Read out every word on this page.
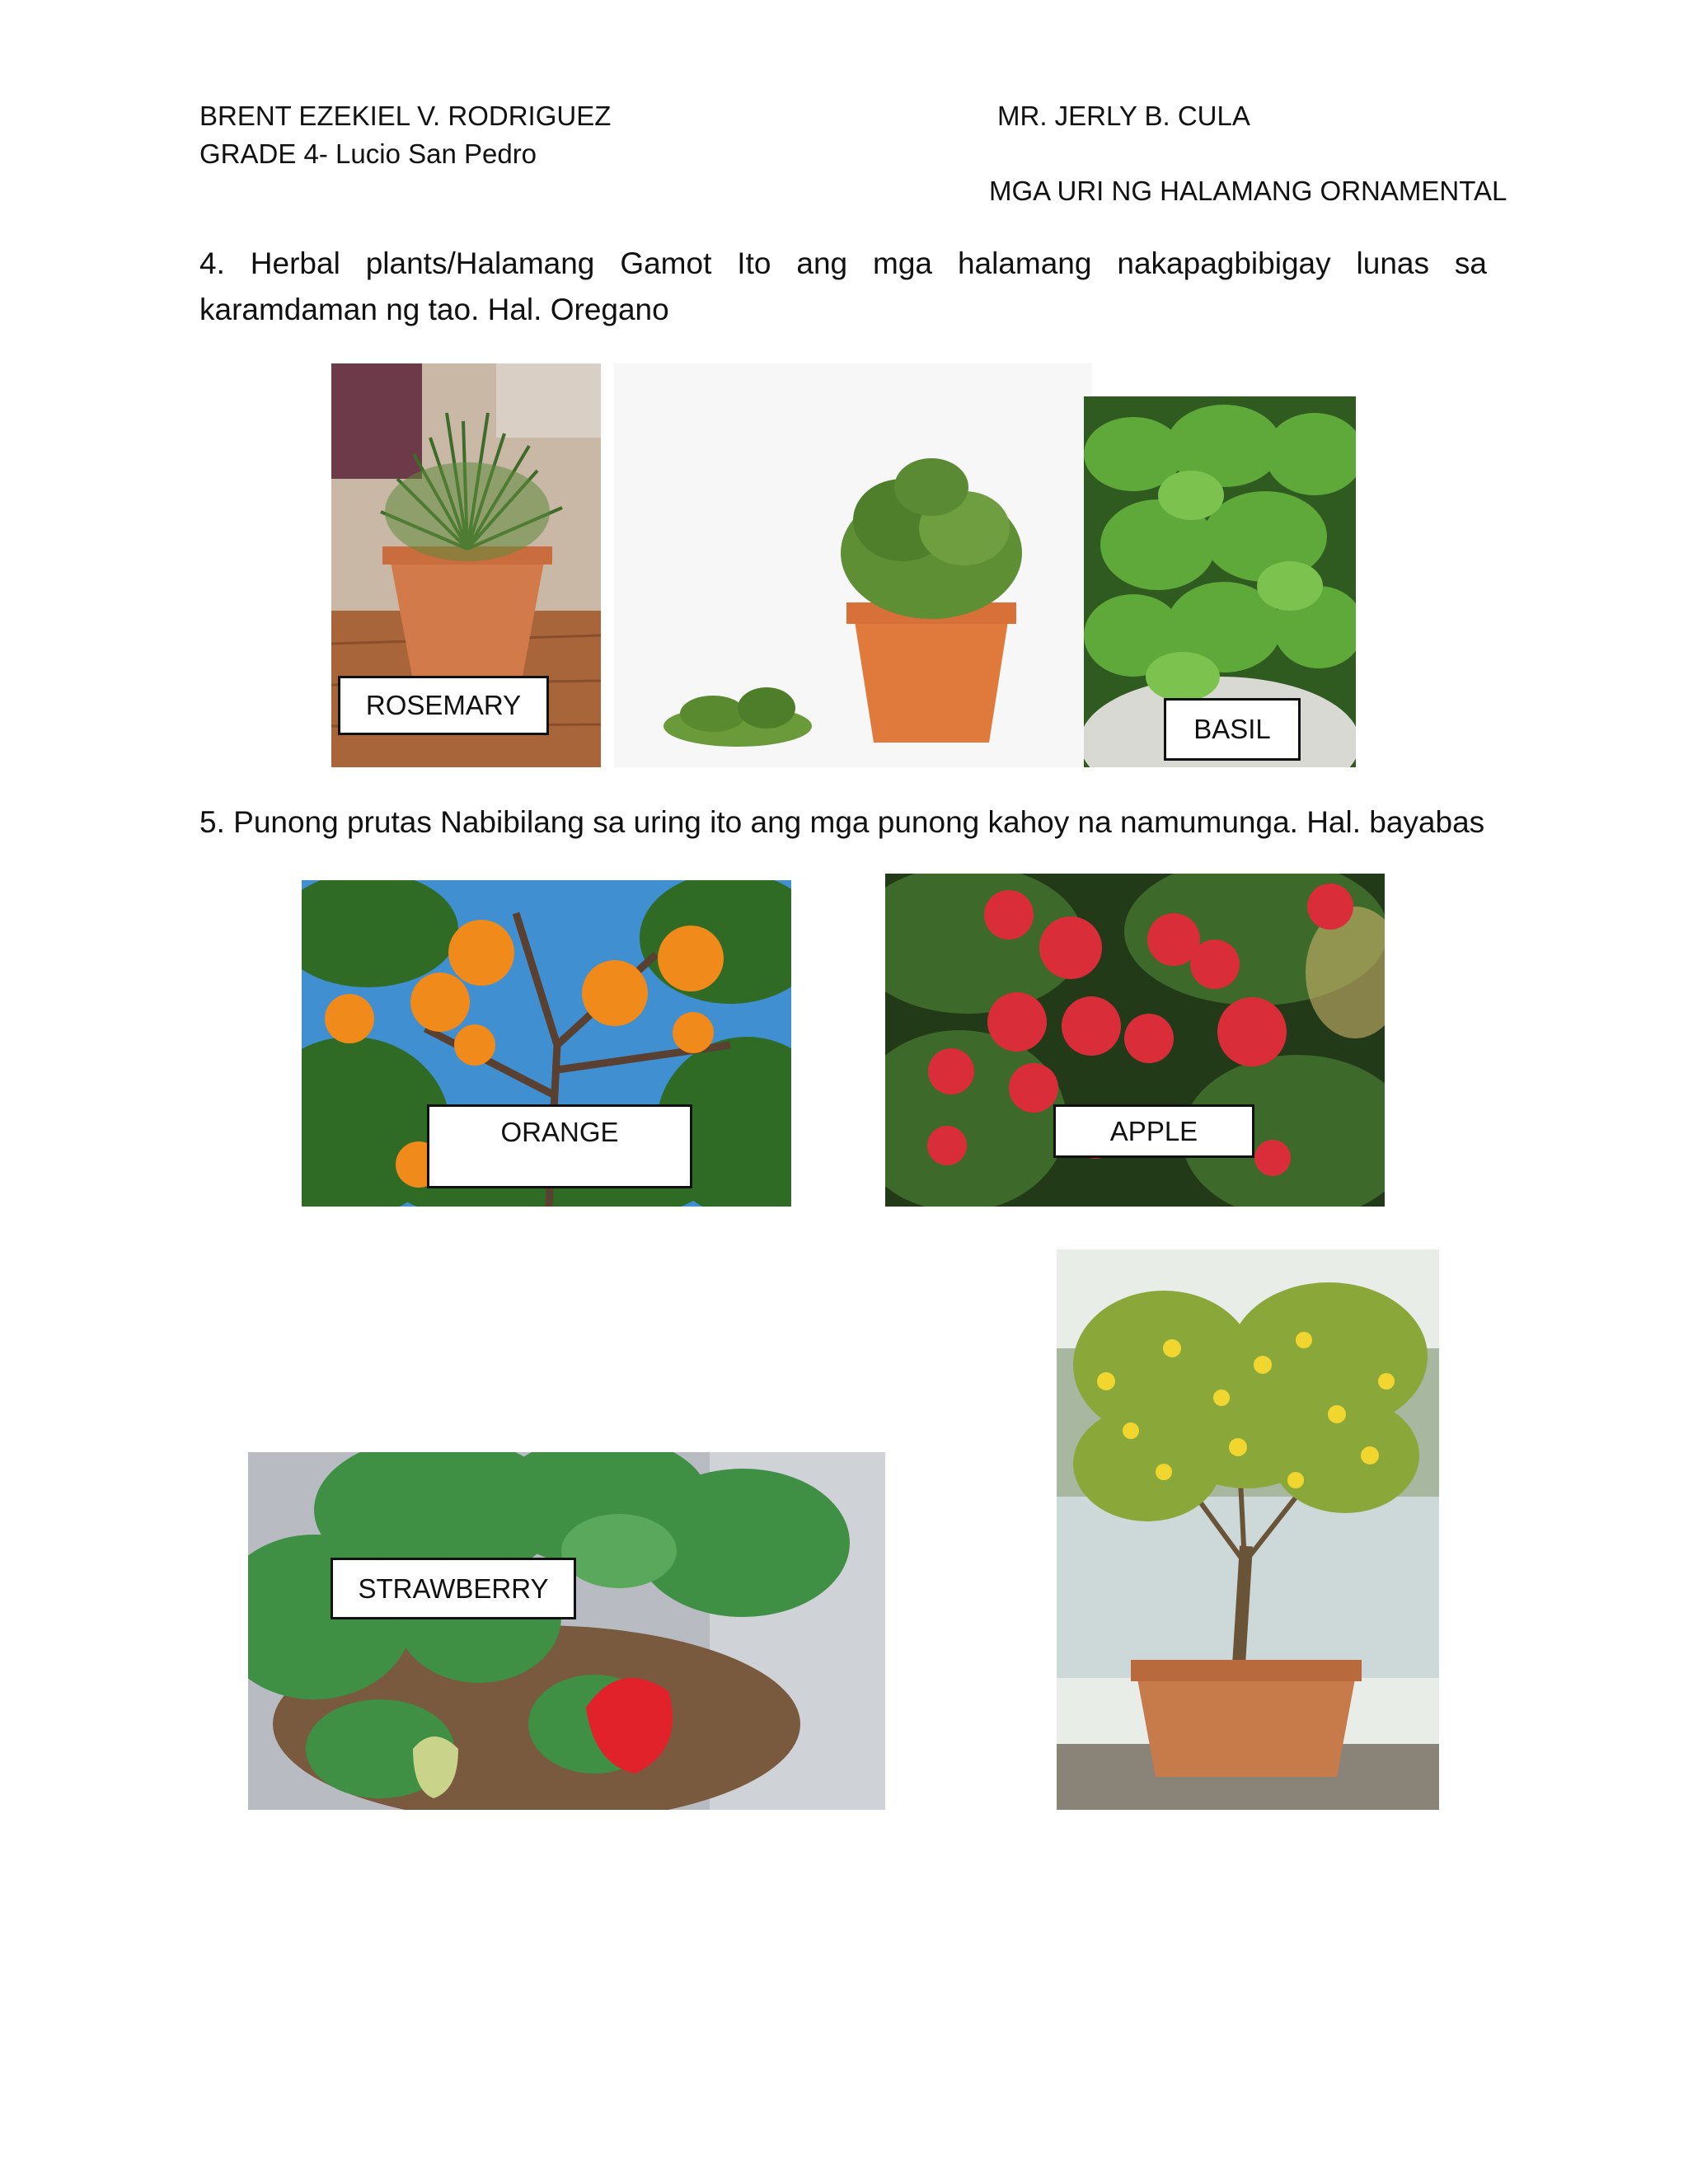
BRENT EZEKIEL V. RODRIGUEZ
GRADE 4- Lucio San Pedro
MR. JERLY B. CULA
MGA URI NG HALAMANG ORNAMENTAL
4. Herbal plants/Halamang Gamot Ito ang mga halamang nakapagbibigay lunas sa karamdaman ng tao. Hal. Oregano
ROSEMARY
BASIL
5. Punong prutas Nabibilang sa uring ito ang mga punong kahoy na namumunga. Hal. bayabas
ORANGE	APPLE
STRAWBERRY
